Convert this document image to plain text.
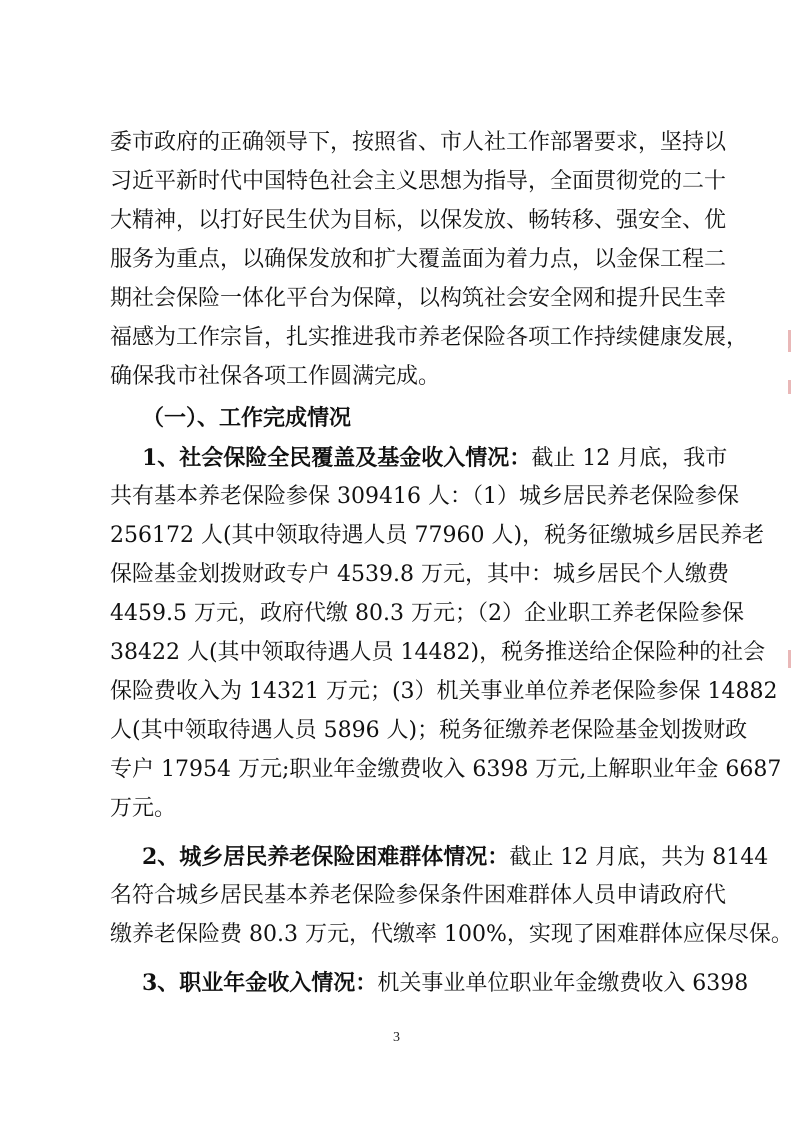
委市政府的正确领导下，按照省、市人社工作部署要求，坚持以
习近平新时代中国特色社会主义思想为指导，全面贯彻党的二十
大精神，以打好民生伏为目标，以保发放、畅转移、强安全、优
服务为重点，以确保发放和扩大覆盖面为着力点，以金保工程二
期社会保险一体化平台为保障，以构筑社会安全网和提升民生幸
福感为工作宗旨，扎实推进我市养老保险各项工作持续健康发展，
确保我市社保各项工作圆满完成。
（一）、工作完成情况
1、社会保险全民覆盖及基金收入情况：截止 12 月底，我市
共有基本养老保险参保 309416 人：（1）城乡居民养老保险参保
256172 人(其中领取待遇人员 77960 人)，税务征缴城乡居民养老
保险基金划拨财政专户 4539.8 万元，其中：城乡居民个人缴费
4459.5 万元，政府代缴 80.3 万元；（2）企业职工养老保险参保
38422 人(其中领取待遇人员 14482)，税务推送给企保险种的社会
保险费收入为 14321 万元；(3）机关事业单位养老保险参保 14882
人(其中领取待遇人员 5896 人)；税务征缴养老保险基金划拨财政
专户 17954 万元;职业年金缴费收入 6398 万元,上解职业年金 6687
万元。
2、城乡居民养老保险困难群体情况：截止 12 月底，共为 8144
名符合城乡居民基本养老保险参保条件困难群体人员申请政府代
缴养老保险费 80.3 万元，代缴率 100%，实现了困难群体应保尽保。
3、职业年金收入情况：机关事业单位职业年金缴费收入 6398
3
